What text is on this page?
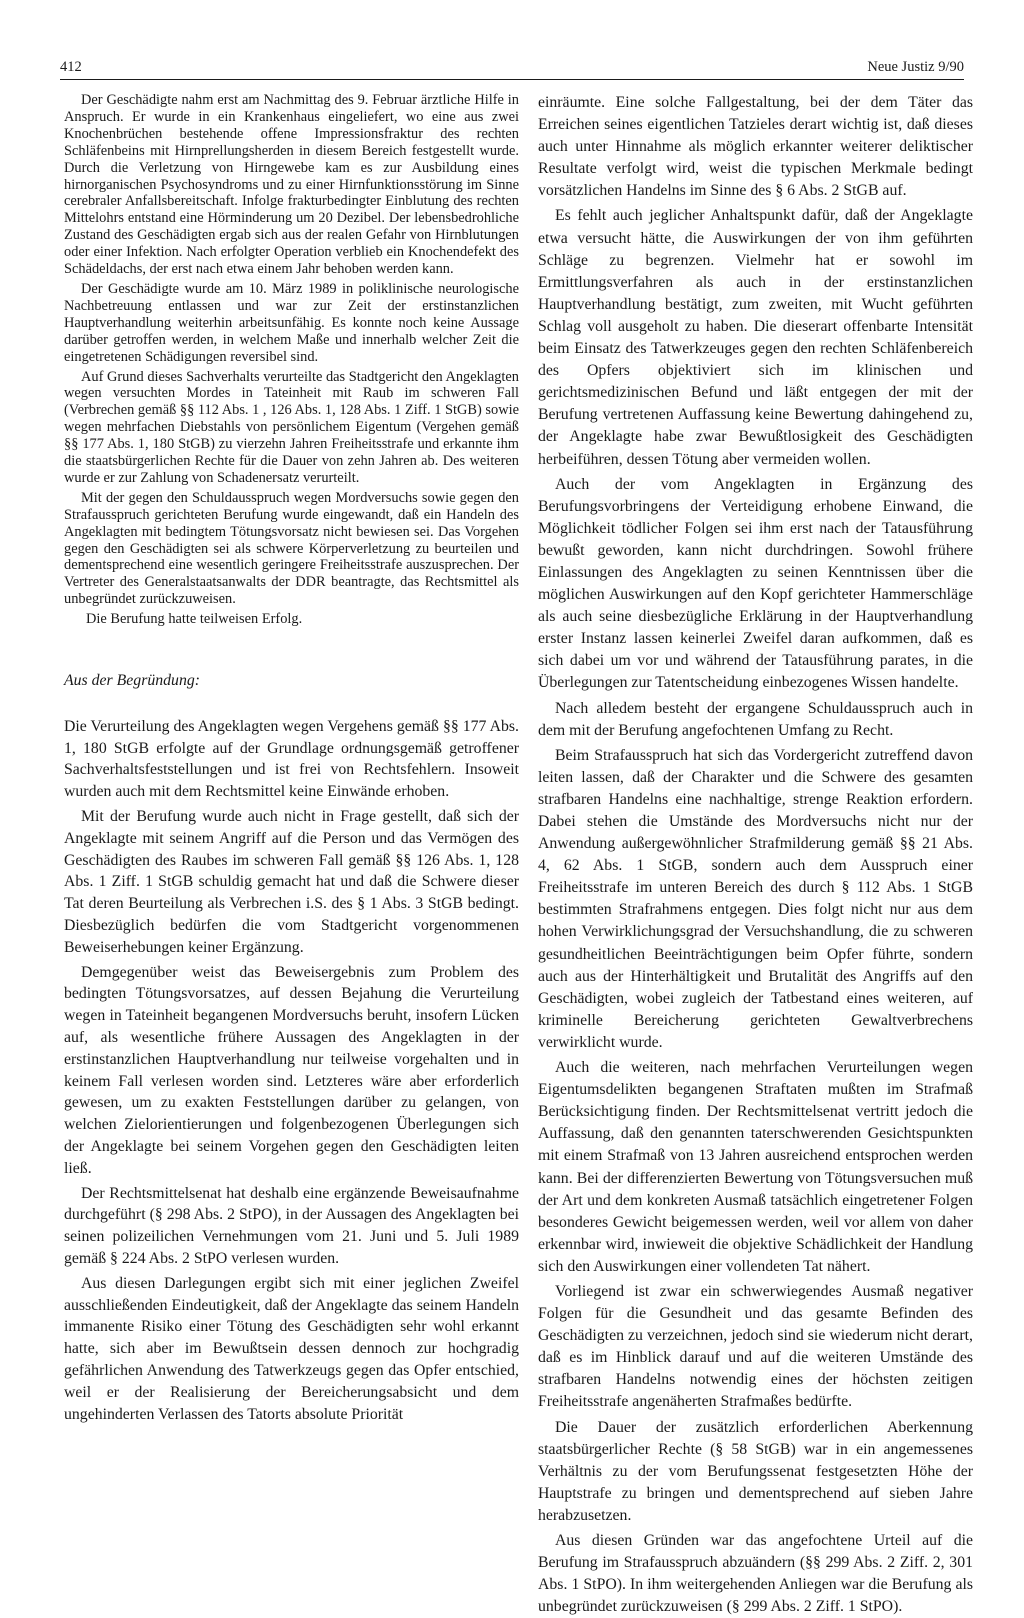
412	Neue Justiz 9/90

Der Geschädigte nahm erst am Nachmittag des 9. Februar ärztliche Hilfe in Anspruch. Er wurde in ein Krankenhaus eingeliefert, wo eine aus zwei Knochenbrüchen bestehende offene Impressionsfraktur des rechten Schläfenbeins mit Hirnprellungsherden in diesem Bereich festgestellt wurde. Durch die Verletzung von Hirngewebe kam es zur Ausbildung eines hirnorganischen Psychosyndroms und zu einer Hirnfunktionsstörung im Sinne cerebraler Anfallsbereitschaft. Infolge frakturbedingter Einblutung des rechten Mittelohrs entstand eine Hörminderung um 20 Dezibel. Der lebensbedrohliche Zustand des Geschädigten ergab sich aus der realen Gefahr von Hirnblutungen oder einer Infektion. Nach erfolgter Operation verblieb ein Knochendefekt des Schädeldachs, der erst nach etwa einem Jahr behoben werden kann.

Der Geschädigte wurde am 10. März 1989 in poliklinische neurologische Nachbetreuung entlassen und war zur Zeit der erstinstanzlichen Hauptverhandlung weiterhin arbeitsunfähig. Es konnte noch keine Aussage darüber getroffen werden, in welchem Maße und innerhalb welcher Zeit die eingetretenen Schädigungen reversibel sind.

Auf Grund dieses Sachverhalts verurteilte das Stadtgericht den Angeklagten wegen versuchten Mordes in Tateinheit mit Raub im schweren Fall (Verbrechen gemäß §§ 112 Abs. 1 , 126 Abs. 1, 128 Abs. 1 Ziff. 1 StGB) sowie wegen mehrfachen Diebstahls von persönlichem Eigentum (Vergehen gemäß §§ 177 Abs. 1, 180 StGB) zu vierzehn Jahren Freiheitsstrafe und erkannte ihm die staatsbürgerlichen Rechte für die Dauer von zehn Jahren ab. Des weiteren wurde er zur Zahlung von Schadenersatz verurteilt.

Mit der gegen den Schuldausspruch wegen Mordversuchs sowie gegen den Strafausspruch gerichteten Berufung wurde eingewandt, daß ein Handeln des Angeklagten mit bedingtem Tötungsvorsatz nicht bewiesen sei. Das Vorgehen gegen den Geschädigten sei als schwere Körperverletzung zu beurteilen und dementsprechend eine wesentlich geringere Freiheitsstrafe auszusprechen. Der Vertreter des Generalstaatsanwalts der DDR beantragte, das Rechtsmittel als unbegründet zurückzuweisen.

Die Berufung hatte teilweisen Erfolg.

Aus der Begründung:

Die Verurteilung des Angeklagten wegen Vergehens gemäß §§ 177 Abs. 1, 180 StGB erfolgte auf der Grundlage ordnungsgemäß getroffener Sachverhaltsfeststellungen und ist frei von Rechtsfehlern. Insoweit wurden auch mit dem Rechtsmittel keine Einwände erhoben.

Mit der Berufung wurde auch nicht in Frage gestellt, daß sich der Angeklagte mit seinem Angriff auf die Person und das Vermögen des Geschädigten des Raubes im schweren Fall gemäß §§ 126 Abs. 1, 128 Abs. 1 Ziff. 1 StGB schuldig gemacht hat und daß die Schwere dieser Tat deren Beurteilung als Verbrechen i.S. des § 1 Abs. 3 StGB bedingt. Diesbezüglich bedürfen die vom Stadtgericht vorgenommenen Beweiserhebungen keiner Ergänzung.

Demgegenüber weist das Beweisergebnis zum Problem des bedingten Tötungsvorsatzes, auf dessen Bejahung die Verurteilung wegen in Tateinheit begangenen Mordversuchs beruht, insofern Lücken auf, als wesentliche frühere Aussagen des Angeklagten in der erstinstanzlichen Hauptverhandlung nur teilweise vorgehalten und in keinem Fall verlesen worden sind. Letzteres wäre aber erforderlich gewesen, um zu exakten Feststellungen darüber zu gelangen, von welchen Zielorientierungen und folgenbezogenen Überlegungen sich der Angeklagte bei seinem Vorgehen gegen den Geschädigten leiten ließ.

Der Rechtsmittelsenat hat deshalb eine ergänzende Beweisaufnahme durchgeführt (§ 298 Abs. 2 StPO), in der Aussagen des Angeklagten bei seinen polizeilichen Vernehmungen vom 21. Juni und 5. Juli 1989 gemäß § 224 Abs. 2 StPO verlesen wurden.

Aus diesen Darlegungen ergibt sich mit einer jeglichen Zweifel ausschließenden Eindeutigkeit, daß der Angeklagte das seinem Handeln immanente Risiko einer Tötung des Geschädigten sehr wohl erkannt hatte, sich aber im Bewußtsein dessen dennoch zur hochgradig gefährlichen Anwendung des Tatwerkzeugs gegen das Opfer entschied, weil er der Realisierung der Bereicherungsabsicht und dem ungehinderten Verlassen des Tatorts absolute Priorität

einräumte. Eine solche Fallgestaltung, bei der dem Täter das Erreichen seines eigentlichen Tatzieles derart wichtig ist, daß dieses auch unter Hinnahme als möglich erkannter weiterer deliktischer Resultate verfolgt wird, weist die typischen Merkmale bedingt vorsätzlichen Handelns im Sinne des § 6 Abs. 2 StGB auf.

Es fehlt auch jeglicher Anhaltspunkt dafür, daß der Angeklagte etwa versucht hätte, die Auswirkungen der von ihm geführten Schläge zu begrenzen. Vielmehr hat er sowohl im Ermittlungsverfahren als auch in der erstinstanzlichen Hauptverhandlung bestätigt, zum zweiten, mit Wucht geführten Schlag voll ausgeholt zu haben. Die dieserart offenbarte Intensität beim Einsatz des Tatwerkzeuges gegen den rechten Schläfenbereich des Opfers objektiviert sich im klinischen und gerichtsmedizinischen Befund und läßt entgegen der mit der Berufung vertretenen Auffassung keine Bewertung dahingehend zu, der Angeklagte habe zwar Bewußtlosigkeit des Geschädigten herbeiführen, dessen Tötung aber vermeiden wollen.

Auch der vom Angeklagten in Ergänzung des Berufungsvorbringens der Verteidigung erhobene Einwand, die Möglichkeit tödlicher Folgen sei ihm erst nach der Tatausführung bewußt geworden, kann nicht durchdringen. Sowohl frühere Einlassungen des Angeklagten zu seinen Kenntnissen über die möglichen Auswirkungen auf den Kopf gerichteter Hammerschläge als auch seine diesbezügliche Erklärung in der Hauptverhandlung erster Instanz lassen keinerlei Zweifel daran aufkommen, daß es sich dabei um vor und während der Tatausführung parates, in die Überlegungen zur Tatentscheidung einbezogenes Wissen handelte.

Nach alledem besteht der ergangene Schuldausspruch auch in dem mit der Berufung angefochtenen Umfang zu Recht.

Beim Strafausspruch hat sich das Vordergericht zutreffend davon leiten lassen, daß der Charakter und die Schwere des gesamten strafbaren Handelns eine nachhaltige, strenge Reaktion erfordern. Dabei stehen die Umstände des Mordversuchs nicht nur der Anwendung außergewöhnlicher Strafmilderung gemäß §§ 21 Abs. 4, 62 Abs. 1 StGB, sondern auch dem Ausspruch einer Freiheitsstrafe im unteren Bereich des durch § 112 Abs. 1 StGB bestimmten Strafrahmens entgegen. Dies folgt nicht nur aus dem hohen Verwirklichungsgrad der Versuchshandlung, die zu schweren gesundheitlichen Beeinträchtigungen beim Opfer führte, sondern auch aus der Hinterhältigkeit und Brutalität des Angriffs auf den Geschädigten, wobei zugleich der Tatbestand eines weiteren, auf kriminelle Bereicherung gerichteten Gewaltverbrechens verwirklicht wurde.

Auch die weiteren, nach mehrfachen Verurteilungen wegen Eigentumsdelikten begangenen Straftaten mußten im Strafmaß Berücksichtigung finden. Der Rechtsmittelsenat vertritt jedoch die Auffassung, daß den genannten taterschwerenden Gesichtspunkten mit einem Strafmaß von 13 Jahren ausreichend entsprochen werden kann. Bei der differenzierten Bewertung von Tötungsversuchen muß der Art und dem konkreten Ausmaß tatsächlich eingetretener Folgen besonderes Gewicht beigemessen werden, weil vor allem von daher erkennbar wird, inwieweit die objektive Schädlichkeit der Handlung sich den Auswirkungen einer vollendeten Tat nähert.

Vorliegend ist zwar ein schwerwiegendes Ausmaß negativer Folgen für die Gesundheit und das gesamte Befinden des Geschädigten zu verzeichnen, jedoch sind sie wiederum nicht derart, daß es im Hinblick darauf und auf die weiteren Umstände des strafbaren Handelns notwendig eines der höchsten zeitigen Freiheitsstrafe angenäherten Strafmaßes bedürfte.

Die Dauer der zusätzlich erforderlichen Aberkennung staatsbürgerlicher Rechte (§ 58 StGB) war in ein angemessenes Verhältnis zu der vom Berufungssenat festgesetzten Höhe der Hauptstrafe zu bringen und dementsprechend auf sieben Jahre herabzusetzen.

Aus diesen Gründen war das angefochtene Urteil auf die Berufung im Strafausspruch abzuändern (§§ 299 Abs. 2 Ziff. 2, 301 Abs. 1 StPO). In ihm weitergehenden Anliegen war die Berufung als unbegründet zurückzuweisen (§ 299 Abs. 2 Ziff. 1 StPO).
